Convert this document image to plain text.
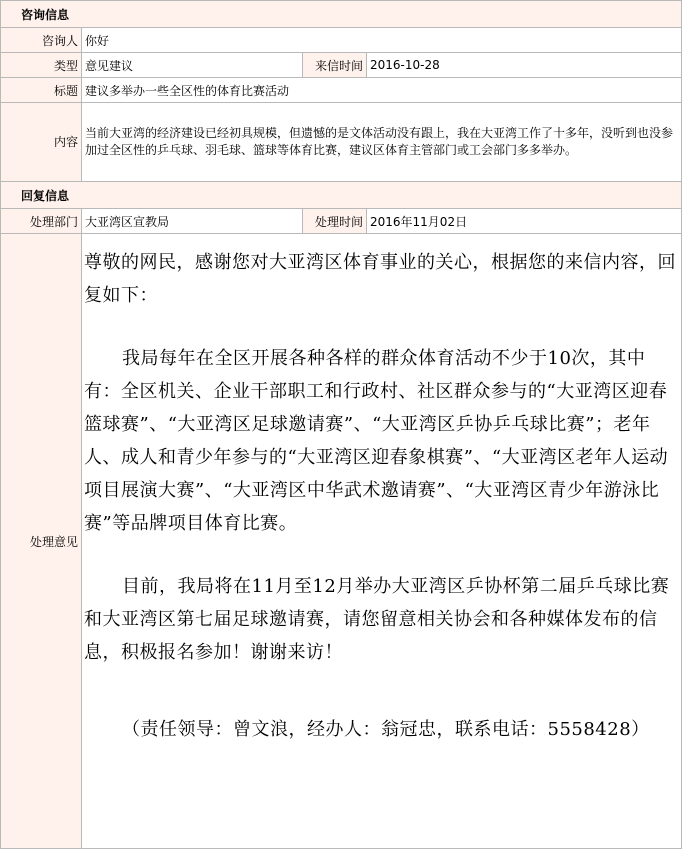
咨询信息			
咨询人	你好		
类型	意见建议	来信时间	2016-10-28
标题	建议多举办一些全区性的体育比赛活动		
内容	当前大亚湾的经济建设已经初具规模，但遗憾的是文体活动没有跟上，我在大亚湾工作了十多年，没听到也没参加过全区性的乒乓球、羽毛球、篮球等体育比赛，建议区体育主管部门或工会部门多多举办。		
回复信息			
处理部门	大亚湾区宣教局	处理时间	2016年11月02日
处理意见	尊敬的网民，感谢您对大亚湾区体育事业的关心，根据您的来信内容，回复如下：

我局每年在全区开展各种各样的群众体育活动不少于10次，其中有：全区机关、企业干部职工和行政村、社区群众参与的“大亚湾区迎春篮球赛”、“大亚湾区足球邀请赛”、“大亚湾区乒协乒乓球比赛”；老年人、成人和青少年参与的“大亚湾区迎春象棋赛”、“大亚湾区老年人运动项目展演大赛”、“大亚湾区中华武术邀请赛”、“大亚湾区青少年游泳比赛”等品牌项目体育比赛。

目前，我局将在11月至12月举办大亚湾区乒协杯第二届乒乓球比赛和大亚湾区第七届足球邀请赛，请您留意相关协会和各种媒体发布的信息，积极报名参加！谢谢来访！

（责任领导：曾文浪，经办人：翁冠忠，联系电话：5558428）		
